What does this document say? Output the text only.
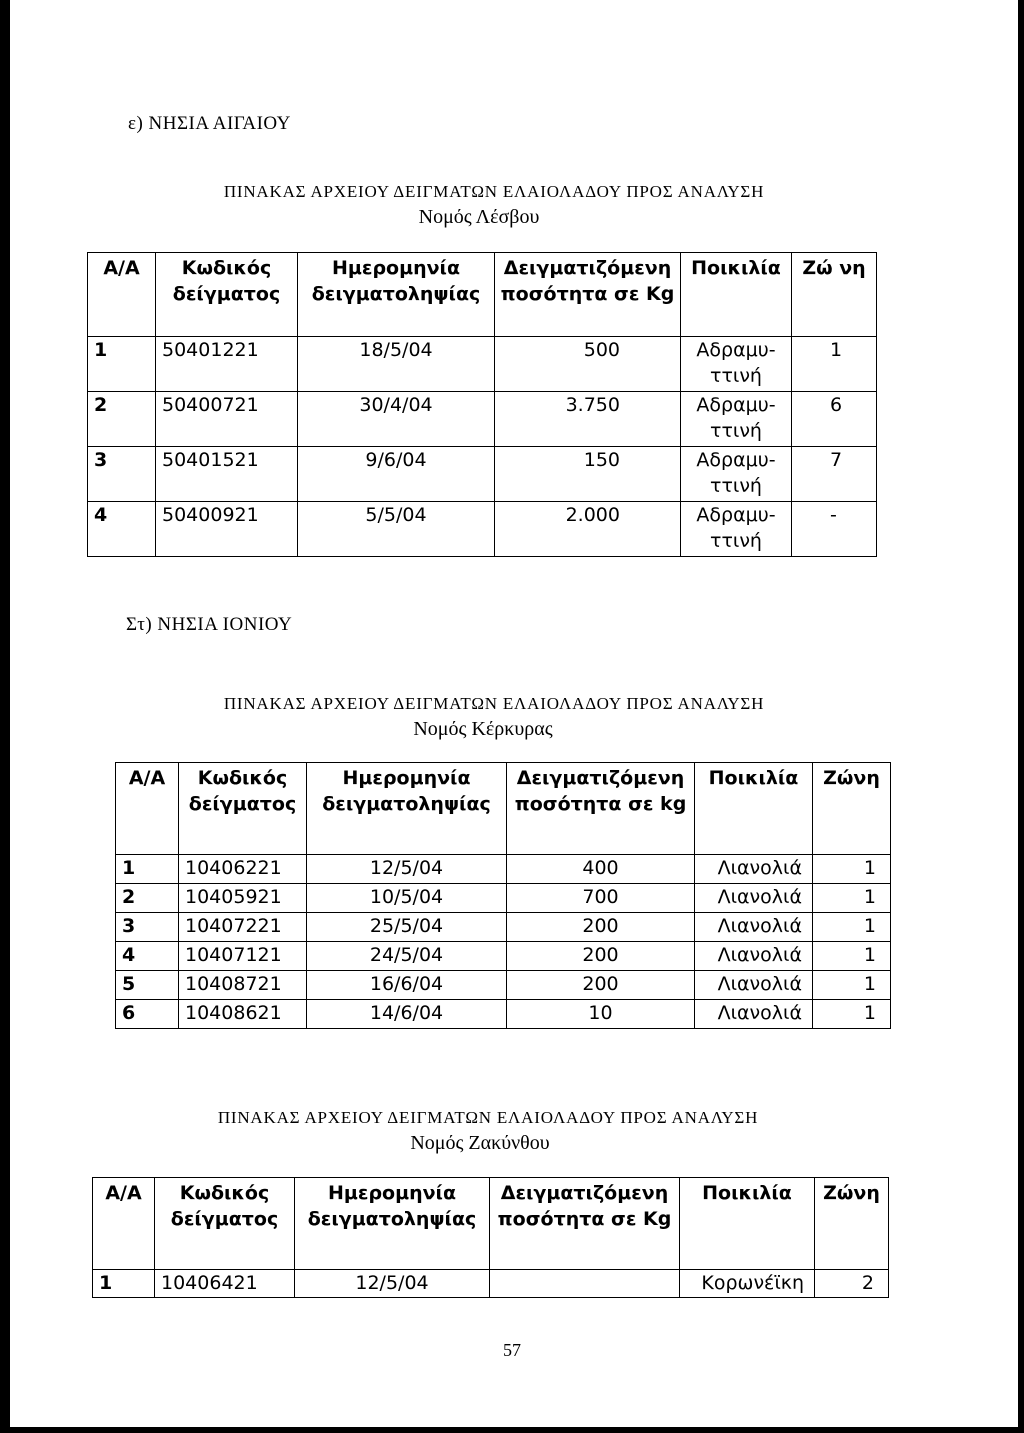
ε) ΝΗΣΙΑ ΑΙΓΑΙΟΥ
ΠΙΝΑΚΑΣ ΑΡΧΕΙΟΥ ΔΕΙΓΜΑΤΩΝ ΕΛΑΙΟΛΑΔΟΥ ΠΡΟΣ ΑΝΑΛΥΣΗ
Νομός Λέσβου
Α/Α	Κωδικός δείγματος	Ημερομηνία δειγματοληψίας	Δειγματιζόμενη ποσότητα σε Kg	Ποικιλία	Ζώ νη
1	50401221	18/5/04	500	Αδραμυ- ττινή	1
2	50400721	30/4/04	3.750	Αδραμυ- ττινή	6
3	50401521	9/6/04	150	Αδραμυ- ττινή	7
4	50400921	5/5/04	2.000	Αδραμυ- ττινή	-
Στ) ΝΗΣΙΑ ΙΟΝΙΟΥ
ΠΙΝΑΚΑΣ ΑΡΧΕΙΟΥ ΔΕΙΓΜΑΤΩΝ ΕΛΑΙΟΛΑΔΟΥ ΠΡΟΣ ΑΝΑΛΥΣΗ
Νομός Κέρκυρας
Α/Α	Κωδικός δείγματος	Ημερομηνία δειγματοληψίας	Δειγματιζόμενη ποσότητα σε kg	Ποικιλία	Ζώνη
1	10406221	12/5/04	400	Λιανολιά	1
2	10405921	10/5/04	700	Λιανολιά	1
3	10407221	25/5/04	200	Λιανολιά	1
4	10407121	24/5/04	200	Λιανολιά	1
5	10408721	16/6/04	200	Λιανολιά	1
6	10408621	14/6/04	10	Λιανολιά	1
ΠΙΝΑΚΑΣ ΑΡΧΕΙΟΥ ΔΕΙΓΜΑΤΩΝ ΕΛΑΙΟΛΑΔΟΥ ΠΡΟΣ ΑΝΑΛΥΣΗ
Νομός Ζακύνθου
Α/Α	Κωδικός δείγματος	Ημερομηνία δειγματοληψίας	Δειγματιζόμενη ποσότητα σε Kg	Ποικιλία	Ζώνη
1	10406421	12/5/04		Κορωνέϊκη	2
57
